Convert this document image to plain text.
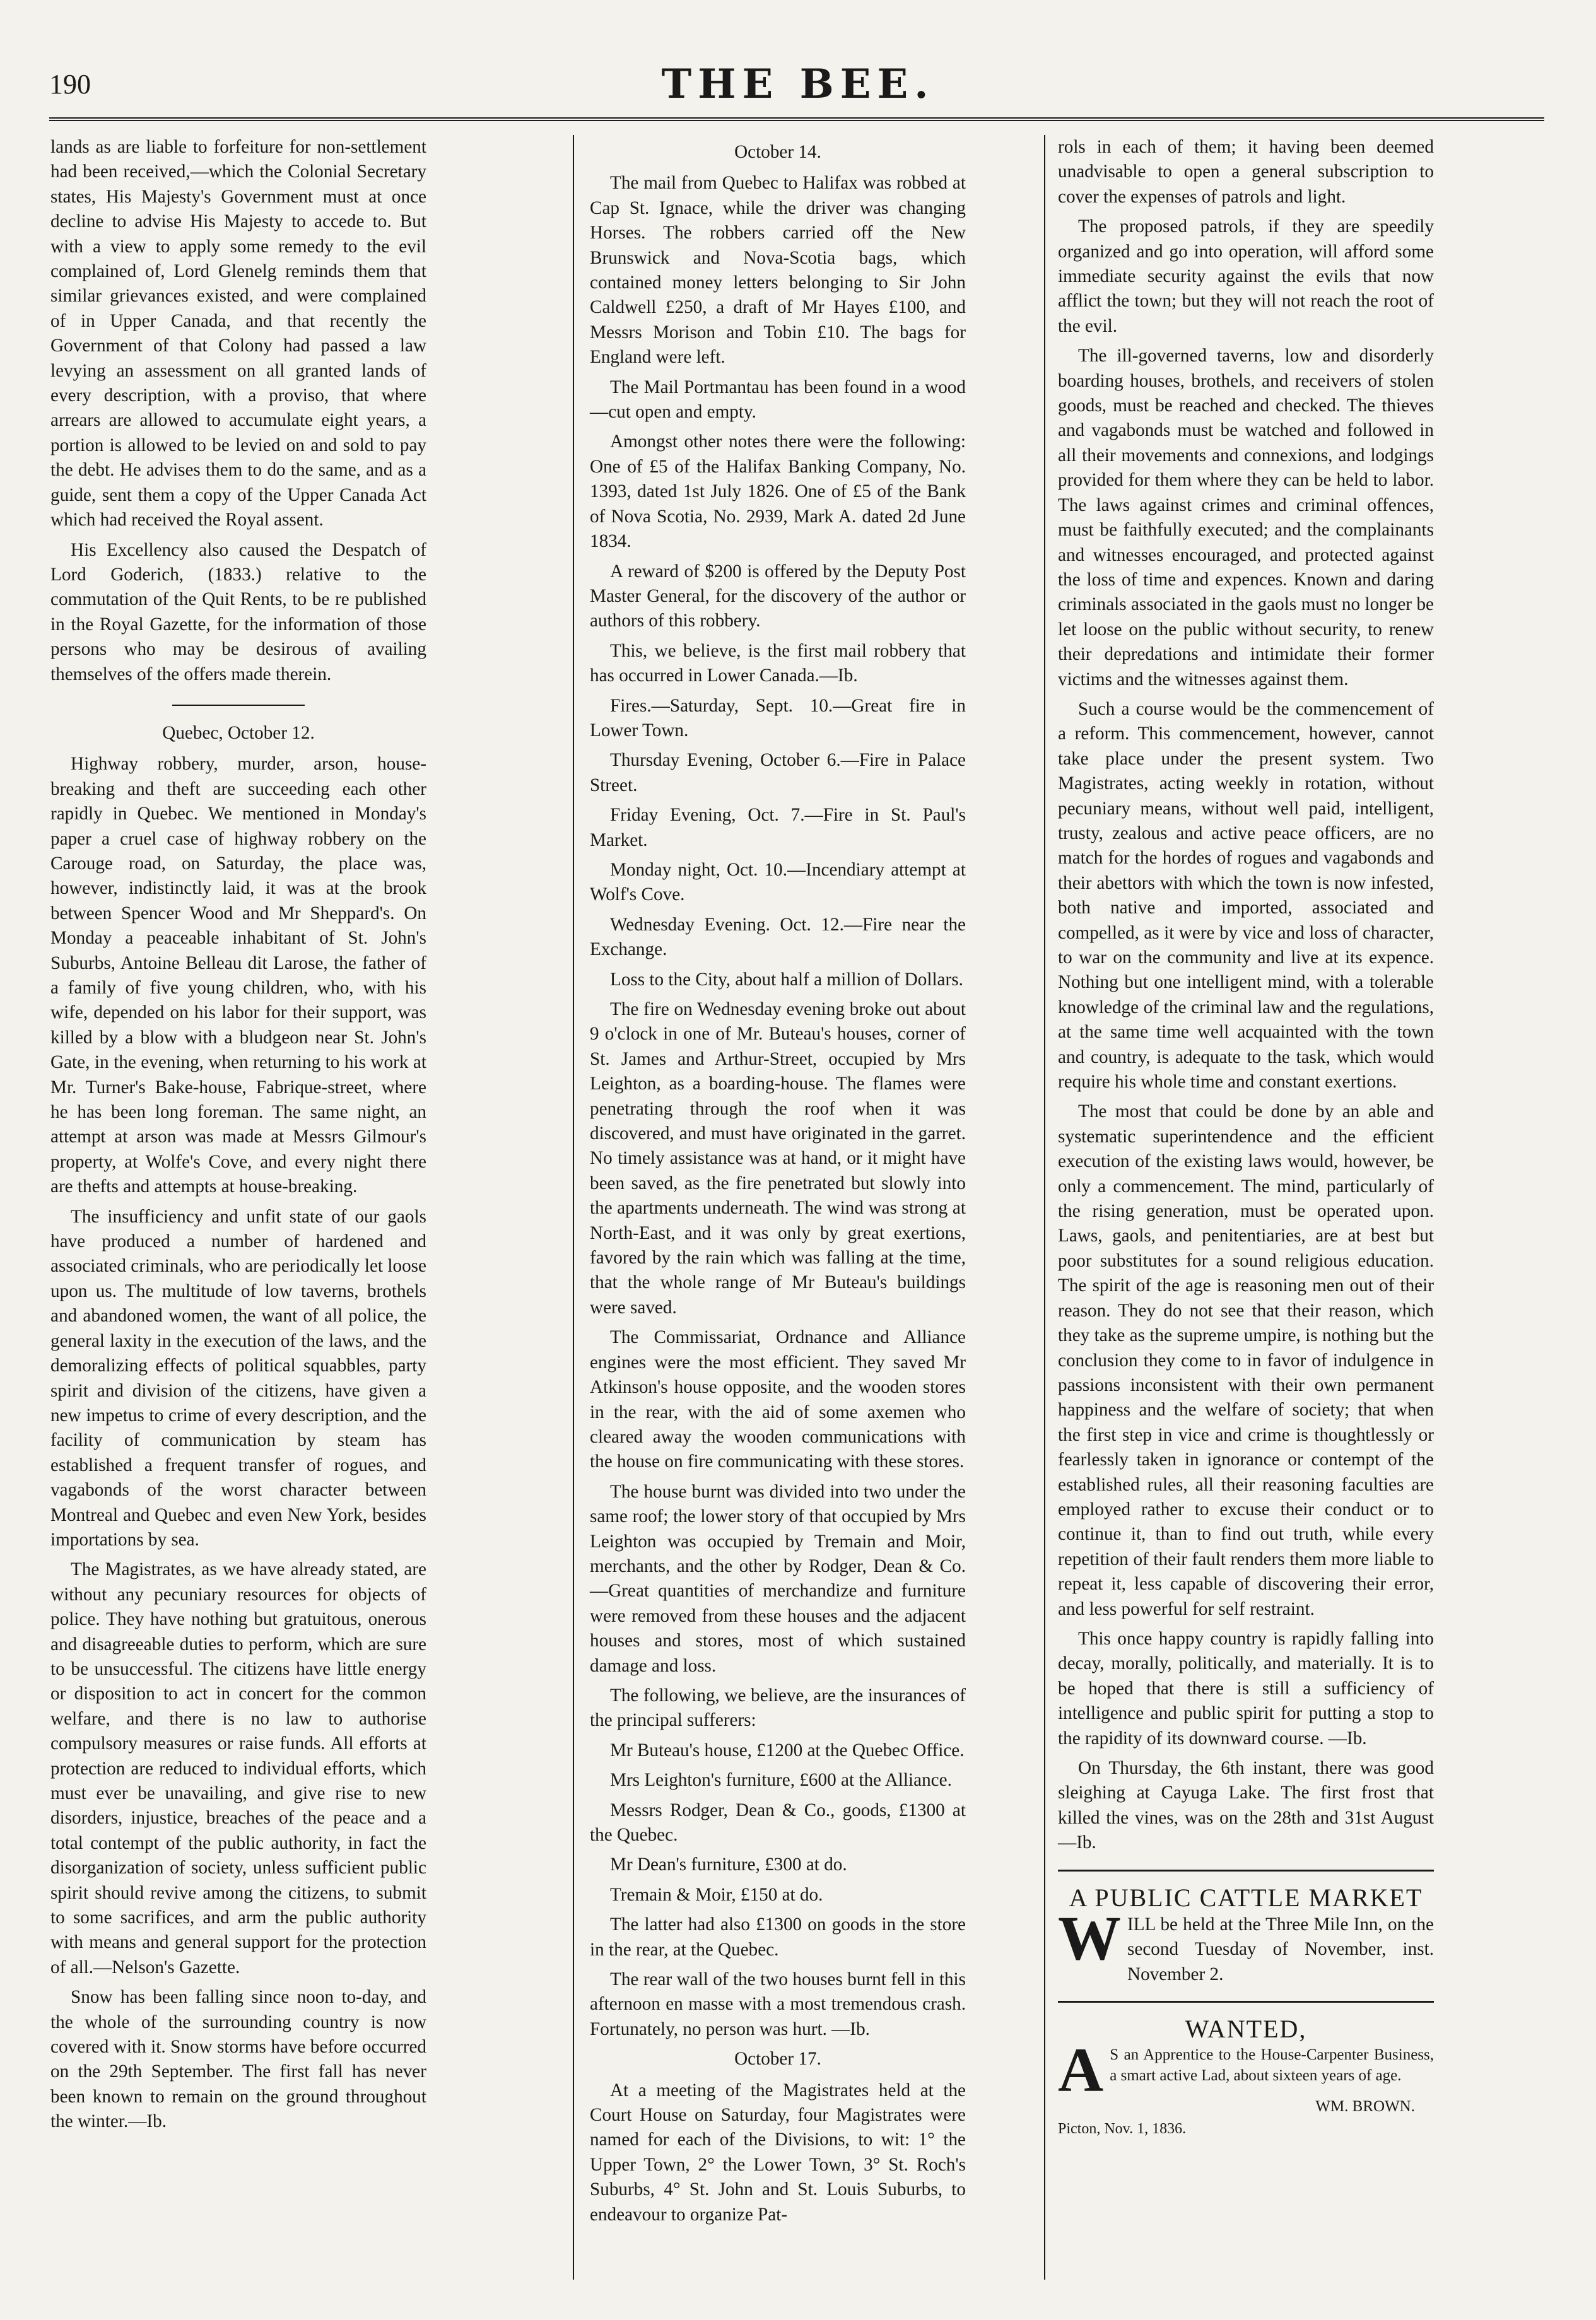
190	THE BEE.

lands as are liable to forfeiture for non-settlement had been received,—which the Colonial Secretary states, His Majesty's Government must at once decline to advise His Majesty to accede to. But with a view to apply some remedy to the evil complained of, Lord Glenelg reminds them that similar grievances existed, and were complained of in Upper Canada, and that recently the Government of that Colony had passed a law levying an assessment on all granted lands of every description, with a proviso, that where arrears are allowed to accumulate eight years, a portion is allowed to be levied on and sold to pay the debt. He advises them to do the same, and as a guide, sent them a copy of the Upper Canada Act which had received the Royal assent.

His Excellency also caused the Despatch of Lord Goderich, (1833.) relative to the commutation of the Quit Rents, to be re published in the Royal Gazette, for the information of those persons who may be desirous of availing themselves of the offers made therein.

Quebec, October 12.

Highway robbery, murder, arson, house-breaking and theft are succeeding each other rapidly in Quebec. We mentioned in Monday's paper a cruel case of highway robbery on the Carouge road, on Saturday, the place was, however, indistinctly laid, it was at the brook between Spencer Wood and Mr Sheppard's. On Monday a peaceable inhabitant of St. John's Suburbs, Antoine Belleau dit Larose, the father of a family of five young children, who, with his wife, depended on his labor for their support, was killed by a blow with a bludgeon near St. John's Gate, in the evening, when returning to his work at Mr. Turner's Bake-house, Fabrique-street, where he has been long foreman. The same night, an attempt at arson was made at Messrs Gilmour's property, at Wolfe's Cove, and every night there are thefts and attempts at house-breaking.

The insufficiency and unfit state of our gaols have produced a number of hardened and associated criminals, who are periodically let loose upon us. The multitude of low taverns, brothels and abandoned women, the want of all police, the general laxity in the execution of the laws, and the demoralizing effects of political squabbles, party spirit and division of the citizens, have given a new impetus to crime of every description, and the facility of communication by steam has established a frequent transfer of rogues, and vagabonds of the worst character between Montreal and Quebec and even New York, besides importations by sea.

The Magistrates, as we have already stated, are without any pecuniary resources for objects of police. They have nothing but gratuitous, onerous and disagreeable duties to perform, which are sure to be unsuccessful. The citizens have little energy or disposition to act in concert for the common welfare, and there is no law to authorise compulsory measures or raise funds. All efforts at protection are reduced to individual efforts, which must ever be unavailing, and give rise to new disorders, injustice, breaches of the peace and a total contempt of the public authority, in fact the disorganization of society, unless sufficient public spirit should revive among the citizens, to submit to some sacrifices, and arm the public authority with means and general support for the protection of all.—Nelson's Gazette.

Snow has been falling since noon to-day, and the whole of the surrounding country is now covered with it. Snow storms have before occurred on the 29th September. The first fall has never been known to remain on the ground throughout the winter.—Ib.

October 14.

The mail from Quebec to Halifax was robbed at Cap St. Ignace, while the driver was changing Horses. The robbers carried off the New Brunswick and Nova-Scotia bags, which contained money letters belonging to Sir John Caldwell £250, a draft of Mr Hayes £100, and Messrs Morison and Tobin £10. The bags for England were left.

The Mail Portmantau has been found in a wood—cut open and empty.

Amongst other notes there were the following: One of £5 of the Halifax Banking Company, No. 1393, dated 1st July 1826. One of £5 of the Bank of Nova Scotia, No. 2939, Mark A. dated 2d June 1834.

A reward of $200 is offered by the Deputy Post Master General, for the discovery of the author or authors of this robbery.

This, we believe, is the first mail robbery that has occurred in Lower Canada.—Ib.

Fires.—Saturday, Sept. 10.—Great fire in Lower Town.

Thursday Evening, October 6.—Fire in Palace Street.

Friday Evening, Oct. 7.—Fire in St. Paul's Market.

Monday night, Oct. 10.—Incendiary attempt at Wolf's Cove.

Wednesday Evening. Oct. 12.—Fire near the Exchange.

Loss to the City, about half a million of Dollars.

The fire on Wednesday evening broke out about 9 o'clock in one of Mr. Buteau's houses, corner of St. James and Arthur-Street, occupied by Mrs Leighton, as a boarding-house. The flames were penetrating through the roof when it was discovered, and must have originated in the garret. No timely assistance was at hand, or it might have been saved, as the fire penetrated but slowly into the apartments underneath. The wind was strong at North-East, and it was only by great exertions, favored by the rain which was falling at the time, that the whole range of Mr Buteau's buildings were saved.

The Commissariat, Ordnance and Alliance engines were the most efficient. They saved Mr Atkinson's house opposite, and the wooden stores in the rear, with the aid of some axemen who cleared away the wooden communications with the house on fire communicating with these stores.

The house burnt was divided into two under the same roof; the lower story of that occupied by Mrs Leighton was occupied by Tremain and Moir, merchants, and the other by Rodger, Dean & Co.—Great quantities of merchandize and furniture were removed from these houses and the adjacent houses and stores, most of which sustained damage and loss.

The following, we believe, are the insurances of the principal sufferers:

Mr Buteau's house, £1200 at the Quebec Office.

Mrs Leighton's furniture, £600 at the Alliance.

Messrs Rodger, Dean & Co., goods, £1300 at the Quebec.

Mr Dean's furniture, £300 at do.

Tremain & Moir, £150 at do.

The latter had also £1300 on goods in the store in the rear, at the Quebec.

The rear wall of the two houses burnt fell in this afternoon en masse with a most tremendous crash. Fortunately, no person was hurt. —Ib.

October 17.

At a meeting of the Magistrates held at the Court House on Saturday, four Magistrates were named for each of the Divisions, to wit: 1° the Upper Town, 2° the Lower Town, 3° St. Roch's Suburbs, 4° St. John and St. Louis Suburbs, to endeavour to organize Pat-

rols in each of them; it having been deemed unadvisable to open a general subscription to cover the expenses of patrols and light.

The proposed patrols, if they are speedily organized and go into operation, will afford some immediate security against the evils that now afflict the town; but they will not reach the root of the evil.

The ill-governed taverns, low and disorderly boarding houses, brothels, and receivers of stolen goods, must be reached and checked. The thieves and vagabonds must be watched and followed in all their movements and connexions, and lodgings provided for them where they can be held to labor. The laws against crimes and criminal offences, must be faithfully executed; and the complainants and witnesses encouraged, and protected against the loss of time and expences. Known and daring criminals associated in the gaols must no longer be let loose on the public without security, to renew their depredations and intimidate their former victims and the witnesses against them.

Such a course would be the commencement of a reform. This commencement, however, cannot take place under the present system. Two Magistrates, acting weekly in rotation, without pecuniary means, without well paid, intelligent, trusty, zealous and active peace officers, are no match for the hordes of rogues and vagabonds and their abettors with which the town is now infested, both native and imported, associated and compelled, as it were by vice and loss of character, to war on the community and live at its expence. Nothing but one intelligent mind, with a tolerable knowledge of the criminal law and the regulations, at the same time well acquainted with the town and country, is adequate to the task, which would require his whole time and constant exertions.

The most that could be done by an able and systematic superintendence and the efficient execution of the existing laws would, however, be only a commencement. The mind, particularly of the rising generation, must be operated upon. Laws, gaols, and penitentiaries, are at best but poor substitutes for a sound religious education. The spirit of the age is reasoning men out of their reason. They do not see that their reason, which they take as the supreme umpire, is nothing but the conclusion they come to in favor of indulgence in passions inconsistent with their own permanent happiness and the welfare of society; that when the first step in vice and crime is thoughtlessly or fearlessly taken in ignorance or contempt of the established rules, all their reasoning faculties are employed rather to excuse their conduct or to continue it, than to find out truth, while every repetition of their fault renders them more liable to repeat it, less capable of discovering their error, and less powerful for self restraint.

This once happy country is rapidly falling into decay, morally, politically, and materially. It is to be hoped that there is still a sufficiency of intelligence and public spirit for putting a stop to the rapidity of its downward course. —Ib.

On Thursday, the 6th instant, there was good sleighing at Cayuga Lake. The first frost that killed the vines, was on the 28th and 31st August —Ib.

A PUBLIC CATTLE MARKET

WILL be held at the Three Mile Inn, on the second Tuesday of November, inst. November 2.

WANTED,

A S an Apprentice to the House-Carpenter Business, a smart active Lad, about sixteen years of age.

WM. BROWN.
Picton, Nov. 1, 1836.
